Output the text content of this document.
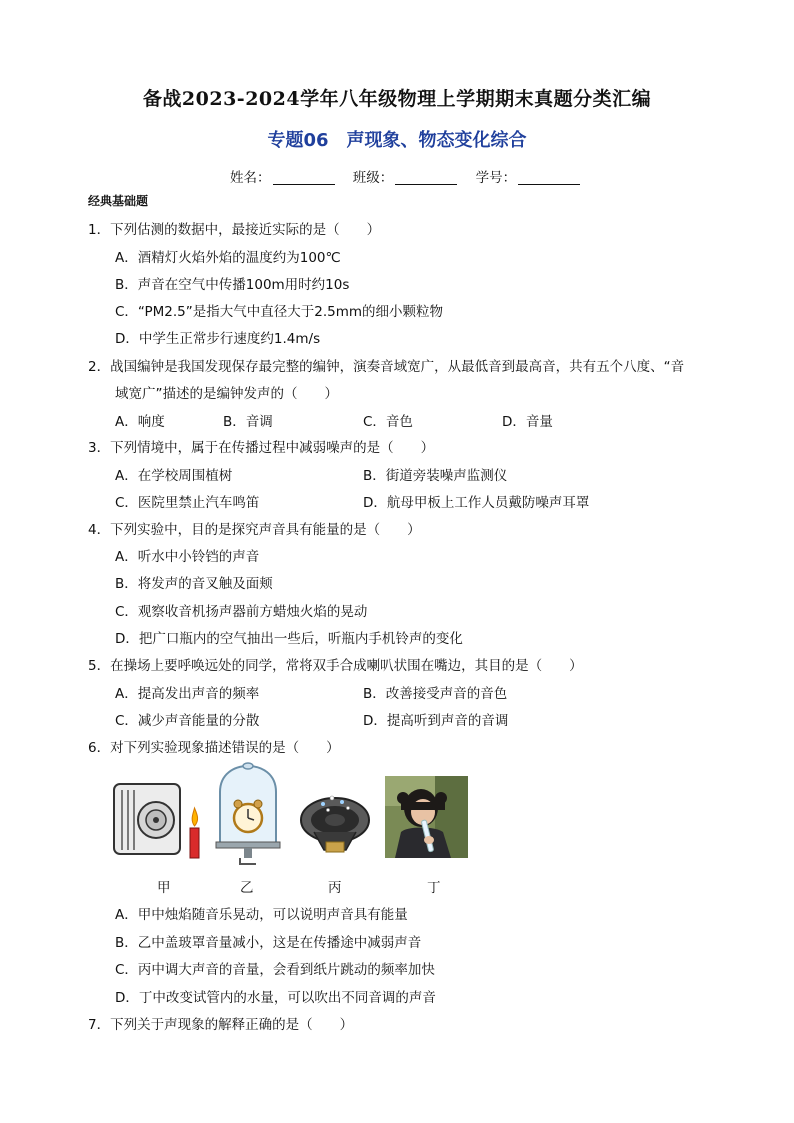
备战2023-2024学年八年级物理上学期期末真题分类汇编
专题06 声现象、物态变化综合
姓名：	班级：	学号：
经典基础题
1．下列估测的数据中，最接近实际的是（　　）
A．酒精灯火焰外焰的温度约为100℃
B．声音在空气中传播100m用时约10s
C．“PM2.5”是指大气中直径大于2.5mm的细小颗粒物
D．中学生正常步行速度约1.4m/s
2．战国编钟是我国发现保存最完整的编钟，演奏音域宽广，从最低音到最高音，共有五个八度、“音
域宽广”描述的是编钟发声的（　　）
A．响度	B．音调	C．音色	D．音量
3．下列情境中，属于在传播过程中减弱噪声的是（　　）
A．在学校周围植树	B．街道旁装噪声监测仪
C．医院里禁止汽车鸣笛	D．航母甲板上工作人员戴防噪声耳罩
4．下列实验中，目的是探究声音具有能量的是（　　）
A．听水中小铃铛的声音
B．将发声的音叉触及面颊
C．观察收音机扬声器前方蜡烛火焰的晃动
D．把广口瓶内的空气抽出一些后，听瓶内手机铃声的变化
5．在操场上要呼唤远处的同学，常将双手合成喇叭状围在嘴边，其目的是（　　）
A．提高发出声音的频率	B．改善接受声音的音色
C．减少声音能量的分散	D．提高听到声音的音调
6．对下列实验现象描述错误的是（　　）
甲	乙	丙	丁
A．甲中烛焰随音乐晃动，可以说明声音具有能量
B．乙中盖玻罩音量减小，这是在传播途中减弱声音
C．丙中调大声音的音量，会看到纸片跳动的频率加快
D．丁中改变试管内的水量，可以吹出不同音调的声音
7．下列关于声现象的解释正确的是（　　）
